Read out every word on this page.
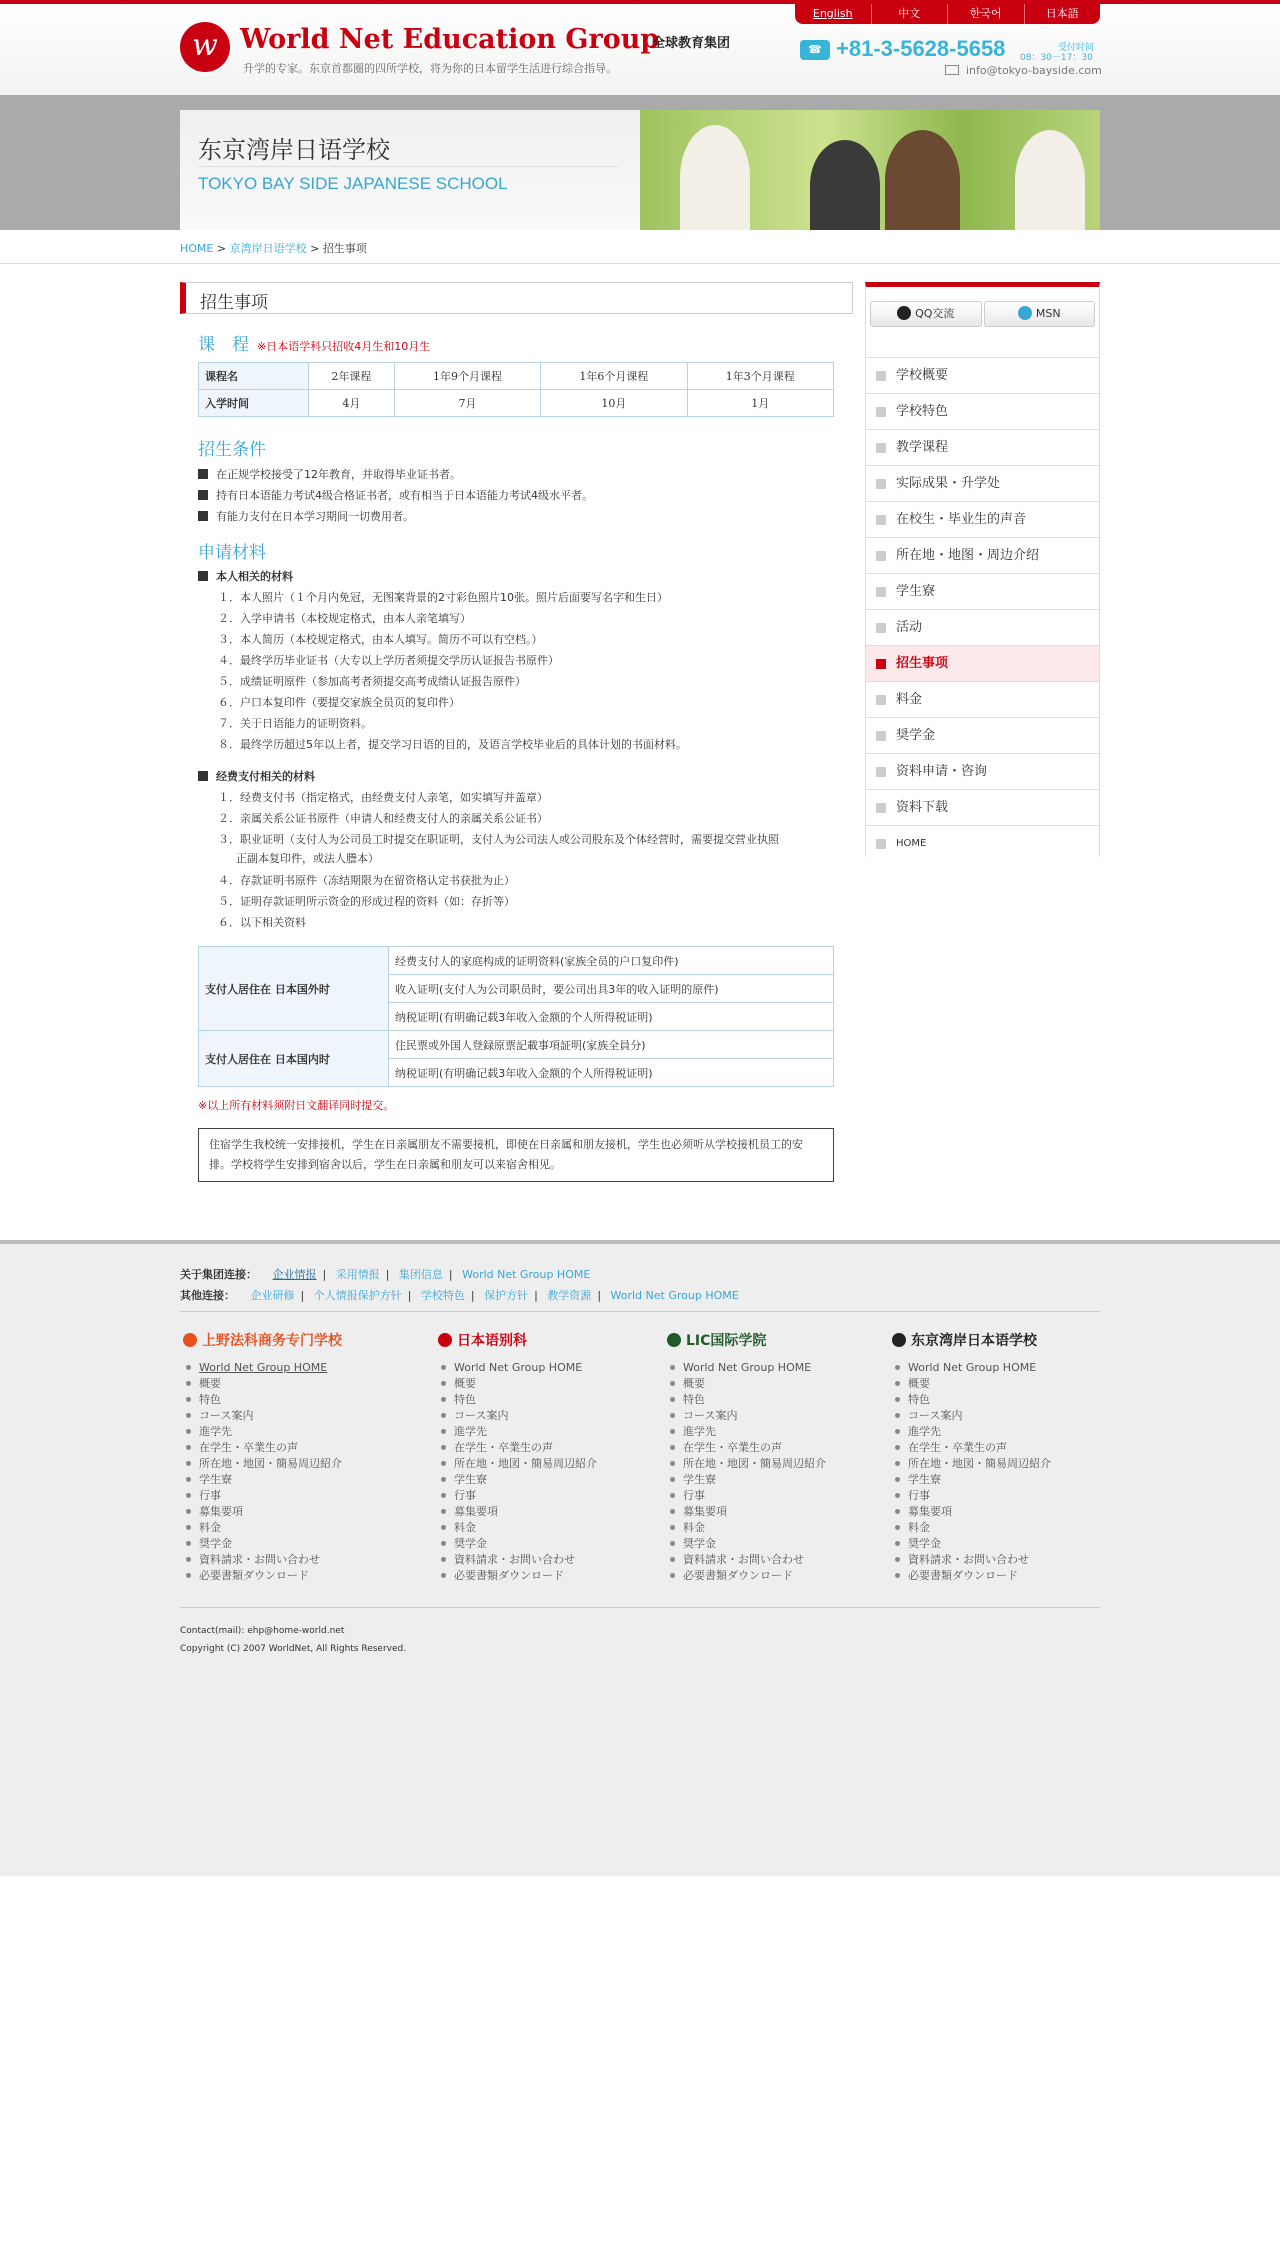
w World Net Education Group
全球教育集团
升学的专家。东京首都圈的四所学校，将为你的日本留学生活进行综合指导。
English	中文	한국어	日本語
☎ +81-3-5628-5658	受付时间
08：30－17：30
info@tokyo-bayside.com
东京湾岸日语学校
TOKYO BAY SIDE JAPANESE SCHOOL
HOME > 京湾岸日语学校 > 招生事项
招生事项
课　程 ※日本语学科只招收4月生和10月生
课程名	2年课程	1年9个月课程	1年6个月课程	1年3个月课程
入学时间	4月	7月	10月	1月
招生条件
在正规学校接受了12年教育，并取得毕业证书者。
持有日本语能力考试4级合格证书者，或有相当于日本语能力考试4级水平者。
有能力支付在日本学习期间一切费用者。
申请材料
本人相关的材料
１．本人照片（１个月内免冠，无图案背景的2寸彩色照片10张。照片后面要写名字和生日）
２．入学申请书（本校规定格式，由本人亲笔填写）
３．本人简历（本校规定格式，由本人填写。简历不可以有空档。）
４．最终学历毕业证书（大专以上学历者须提交学历认证报告书原件）
５．成绩证明原件（参加高考者须提交高考成绩认证报告原件）
６．户口本复印件（要提交家族全员页的复印件）
７．关于日语能力的证明资料。
８．最终学历超过5年以上者，提交学习日语的目的，及语言学校毕业后的具体计划的书面材料。
经费支付相关的材料
１．经费支付书（指定格式，由经费支付人亲笔，如实填写并盖章）
２．亲属关系公证书原件（申请人和经费支付人的亲属关系公证书）
３．职业证明（支付人为公司员工时提交在职证明，支付人为公司法人或公司股东及个体经营时，需要提交营业执照
正副本复印件，或法人謄本）
４．存款证明书原件（冻结期限为在留资格认定书获批为止）
５．证明存款证明所示资金的形成过程的资料（如：存折等）
６．以下相关资料
支付人居住在 日本国外时	经费支付人的家庭构成的证明资料(家族全员的户口复印件)
	收入证明(支付人为公司职员时，要公司出具3年的收入证明的原件)
	纳税证明(有明确记载3年收入金额的个人所得税证明)
支付人居住在 日本国内时	住民票或外国人登録原票記載事項証明(家族全員分)
	纳税证明(有明确记载3年收入金额的个人所得税证明)
※以上所有材料须附日文翻译同时提交。
住宿学生我校统一安排接机，学生在日亲属朋友不需要接机，即使在日亲属和朋友接机，学生也必须听从学校接机员工的安排。学校将学生安排到宿舍以后，学生在日亲属和朋友可以来宿舍相见。
QQ交流	MSN
学校概要
学校特色
教学课程
实际成果・升学处
在校生・毕业生的声音
所在地・地图・周边介绍
学生寮
活动
招生事项
料金
奨学金
资料申请・咨询
资料下载
HOME
关于集团连接： 企业情报 | 采用情报 | 集团信息 | World Net Group HOME
其他连接： 企业研修 | 个人情报保护方针 | 学校特色 | 保护方针 | 教学资源 | World Net Group HOME
上野法科商务专门学校
World Net Group HOME
概要
特色
コース案内
進学先
在学生・卒業生の声
所在地・地図・簡易周辺紹介
学生寮
行事
募集要項
料金
奨学金
資料請求・お問い合わせ
必要書類ダウンロード
日本语别科
World Net Group HOME
概要
特色
コース案内
進学先
在学生・卒業生の声
所在地・地図・簡易周辺紹介
学生寮
行事
募集要項
料金
奨学金
資料請求・お問い合わせ
必要書類ダウンロード
LIC国际学院
World Net Group HOME
概要
特色
コース案内
進学先
在学生・卒業生の声
所在地・地図・簡易周辺紹介
学生寮
行事
募集要項
料金
奨学金
資料請求・お問い合わせ
必要書類ダウンロード
东京湾岸日本语学校
World Net Group HOME
概要
特色
コース案内
進学先
在学生・卒業生の声
所在地・地図・簡易周辺紹介
学生寮
行事
募集要項
料金
奨学金
資料請求・お問い合わせ
必要書類ダウンロード
Contact(mail): ehp@home-world.net
Copyright (C) 2007 WorldNet, All Rights Reserved.
